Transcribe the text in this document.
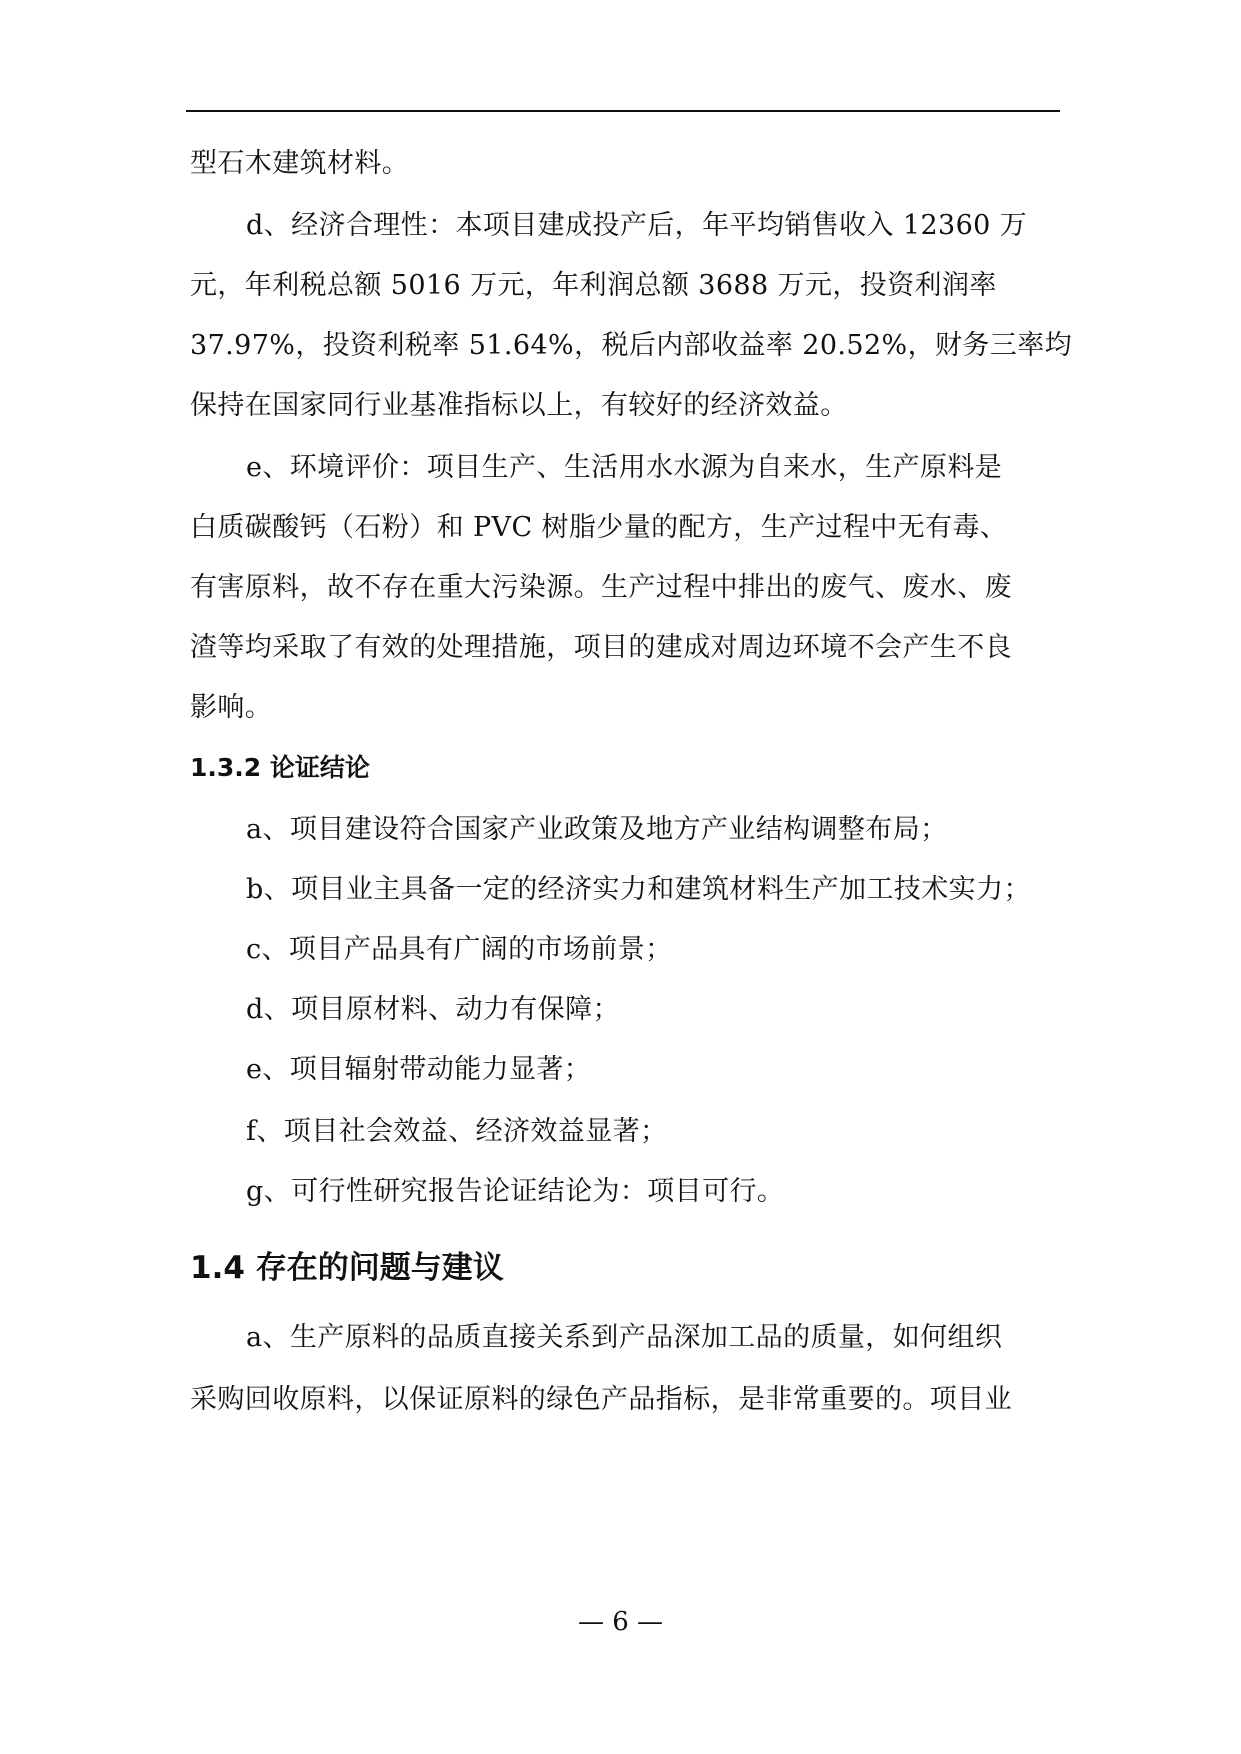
型石木建筑材料。
d、经济合理性：本项目建成投产后，年平均销售收入 12360 万
元，年利税总额 5016 万元，年利润总额 3688 万元，投资利润率
37.97%，投资利税率 51.64%，税后内部收益率 20.52%，财务三率均
保持在国家同行业基准指标以上，有较好的经济效益。
e、环境评价：项目生产、生活用水水源为自来水，生产原料是
白质碳酸钙（石粉）和 PVC 树脂少量的配方，生产过程中无有毒、
有害原料，故不存在重大污染源。生产过程中排出的废气、废水、废
渣等均采取了有效的处理措施，项目的建成对周边环境不会产生不良
影响。
1.3.2 论证结论
a、项目建设符合国家产业政策及地方产业结构调整布局；
b、项目业主具备一定的经济实力和建筑材料生产加工技术实力；
c、项目产品具有广阔的市场前景；
d、项目原材料、动力有保障；
e、项目辐射带动能力显著；
f、项目社会效益、经济效益显著；
g、可行性研究报告论证结论为：项目可行。
1.4 存在的问题与建议
a、生产原料的品质直接关系到产品深加工品的质量，如何组织
采购回收原料，以保证原料的绿色产品指标，是非常重要的。项目业
— 6 —
